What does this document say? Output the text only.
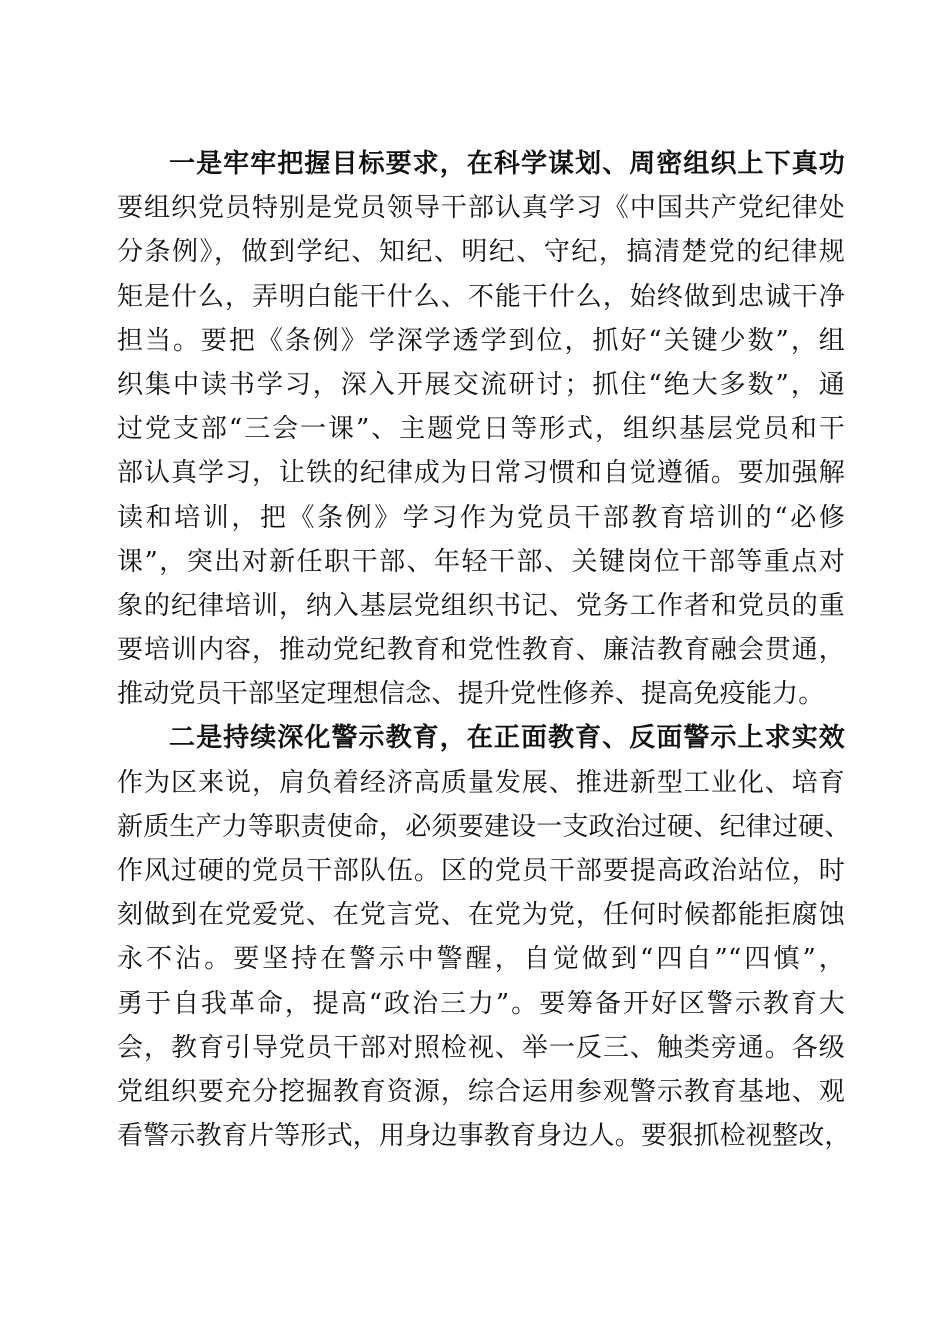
一是牢牢把握目标要求，在科学谋划、周密组织上下真功
要组织党员特别是党员领导干部认真学习《中国共产党纪律处
分条例》，做到学纪、知纪、明纪、守纪，搞清楚党的纪律规
矩是什么，弄明白能干什么、不能干什么，始终做到忠诚干净
担当。要把《条例》学深学透学到位，抓好“关键少数”，组
织集中读书学习，深入开展交流研讨；抓住“绝大多数”，通
过党支部“三会一课”、主题党日等形式，组织基层党员和干
部认真学习，让铁的纪律成为日常习惯和自觉遵循。要加强解
读和培训，把《条例》学习作为党员干部教育培训的“必修
课”，突出对新任职干部、年轻干部、关键岗位干部等重点对
象的纪律培训，纳入基层党组织书记、党务工作者和党员的重
要培训内容，推动党纪教育和党性教育、廉洁教育融会贯通，
推动党员干部坚定理想信念、提升党性修养、提高免疫能力。
二是持续深化警示教育，在正面教育、反面警示上求实效
作为区来说，肩负着经济高质量发展、推进新型工业化、培育
新质生产力等职责使命，必须要建设一支政治过硬、纪律过硬、
作风过硬的党员干部队伍。区的党员干部要提高政治站位，时
刻做到在党爱党、在党言党、在党为党，任何时候都能拒腐蚀
永不沾。要坚持在警示中警醒，自觉做到“四自”“四慎”，
勇于自我革命，提高“政治三力”。要筹备开好区警示教育大
会，教育引导党员干部对照检视、举一反三、触类旁通。各级
党组织要充分挖掘教育资源，综合运用参观警示教育基地、观
看警示教育片等形式，用身边事教育身边人。要狠抓检视整改，
